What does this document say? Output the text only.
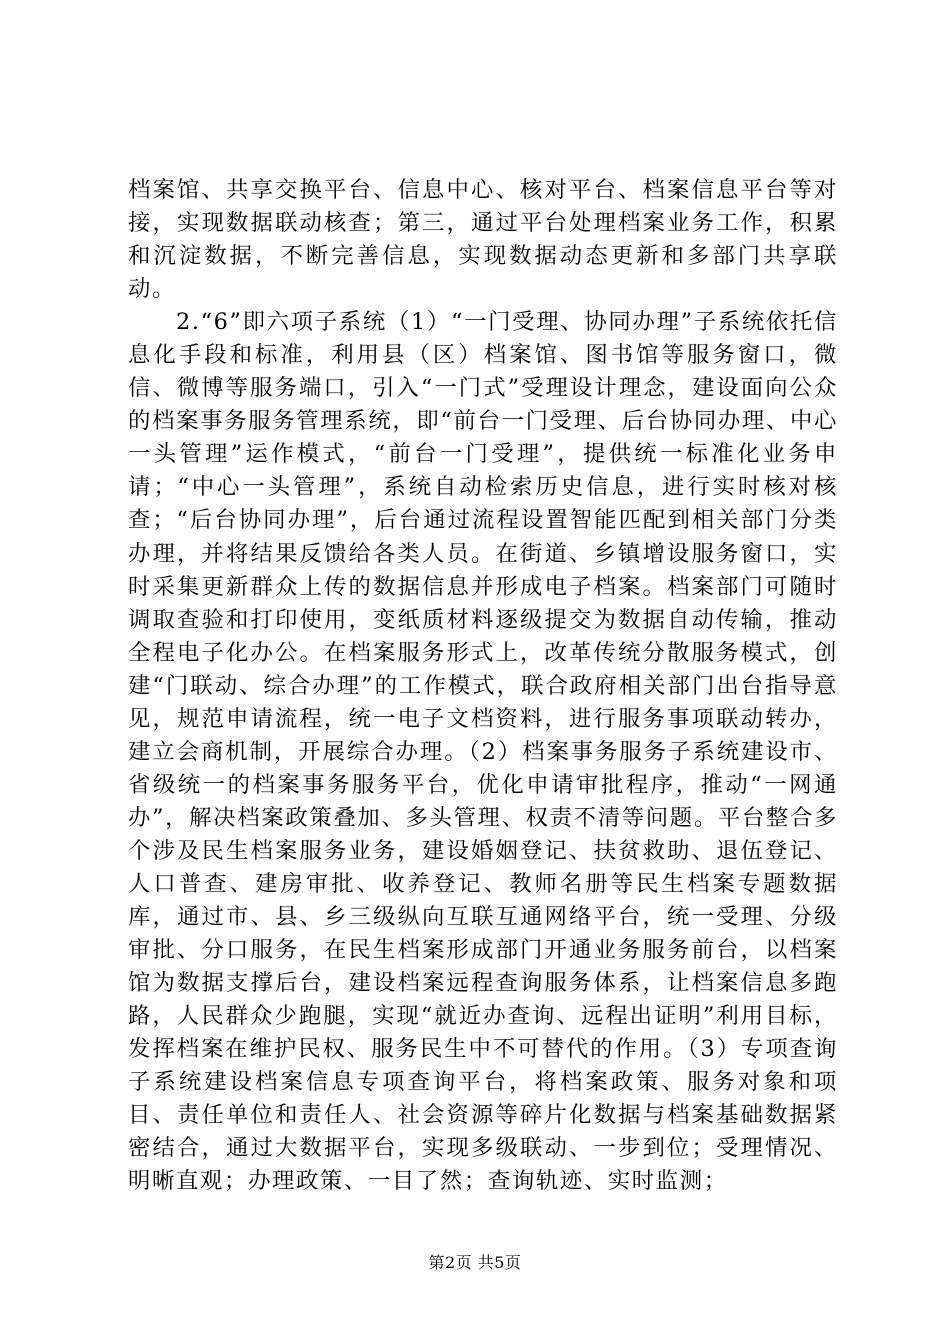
档案馆、共享交换平台、信息中心、核对平台、档案信息平台等对接，实现数据联动核查；第三，通过平台处理档案业务工作，积累和沉淀数据，不断完善信息，实现数据动态更新和多部门共享联动。

2.“6”即六项子系统（1）“一门受理、协同办理”子系统依托信息化手段和标准，利用县（区）档案馆、图书馆等服务窗口，微信、微博等服务端口，引入“一门式”受理设计理念，建设面向公众的档案事务服务管理系统，即“前台一门受理、后台协同办理、中心一头管理”运作模式，“前台一门受理”，提供统一标准化业务申请；“中心一头管理”，系统自动检索历史信息，进行实时核对核查；“后台协同办理”，后台通过流程设置智能匹配到相关部门分类办理，并将结果反馈给各类人员。在街道、乡镇增设服务窗口，实时采集更新群众上传的数据信息并形成电子档案。档案部门可随时调取查验和打印使用，变纸质材料逐级提交为数据自动传输，推动全程电子化办公。在档案服务形式上，改革传统分散服务模式，创建“门联动、综合办理”的工作模式，联合政府相关部门出台指导意见，规范申请流程，统一电子文档资料，进行服务事项联动转办，建立会商机制，开展综合办理。（2）档案事务服务子系统建设市、省级统一的档案事务服务平台，优化申请审批程序，推动“一网通办”，解决档案政策叠加、多头管理、权责不清等问题。平台整合多个涉及民生档案服务业务，建设婚姻登记、扶贫救助、退伍登记、人口普查、建房审批、收养登记、教师名册等民生档案专题数据库，通过市、县、乡三级纵向互联互通网络平台，统一受理、分级审批、分口服务，在民生档案形成部门开通业务服务前台，以档案馆为数据支撑后台，建设档案远程查询服务体系，让档案信息多跑路，人民群众少跑腿，实现“就近办查询、远程出证明”利用目标，发挥档案在维护民权、服务民生中不可替代的作用。（3）专项查询子系统建设档案信息专项查询平台，将档案政策、服务对象和项目、责任单位和责任人、社会资源等碎片化数据与档案基础数据紧密结合，通过大数据平台，实现多级联动、一步到位；受理情况、明晰直观；办理政策、一目了然；查询轨迹、实时监测；

第2页 共5页
